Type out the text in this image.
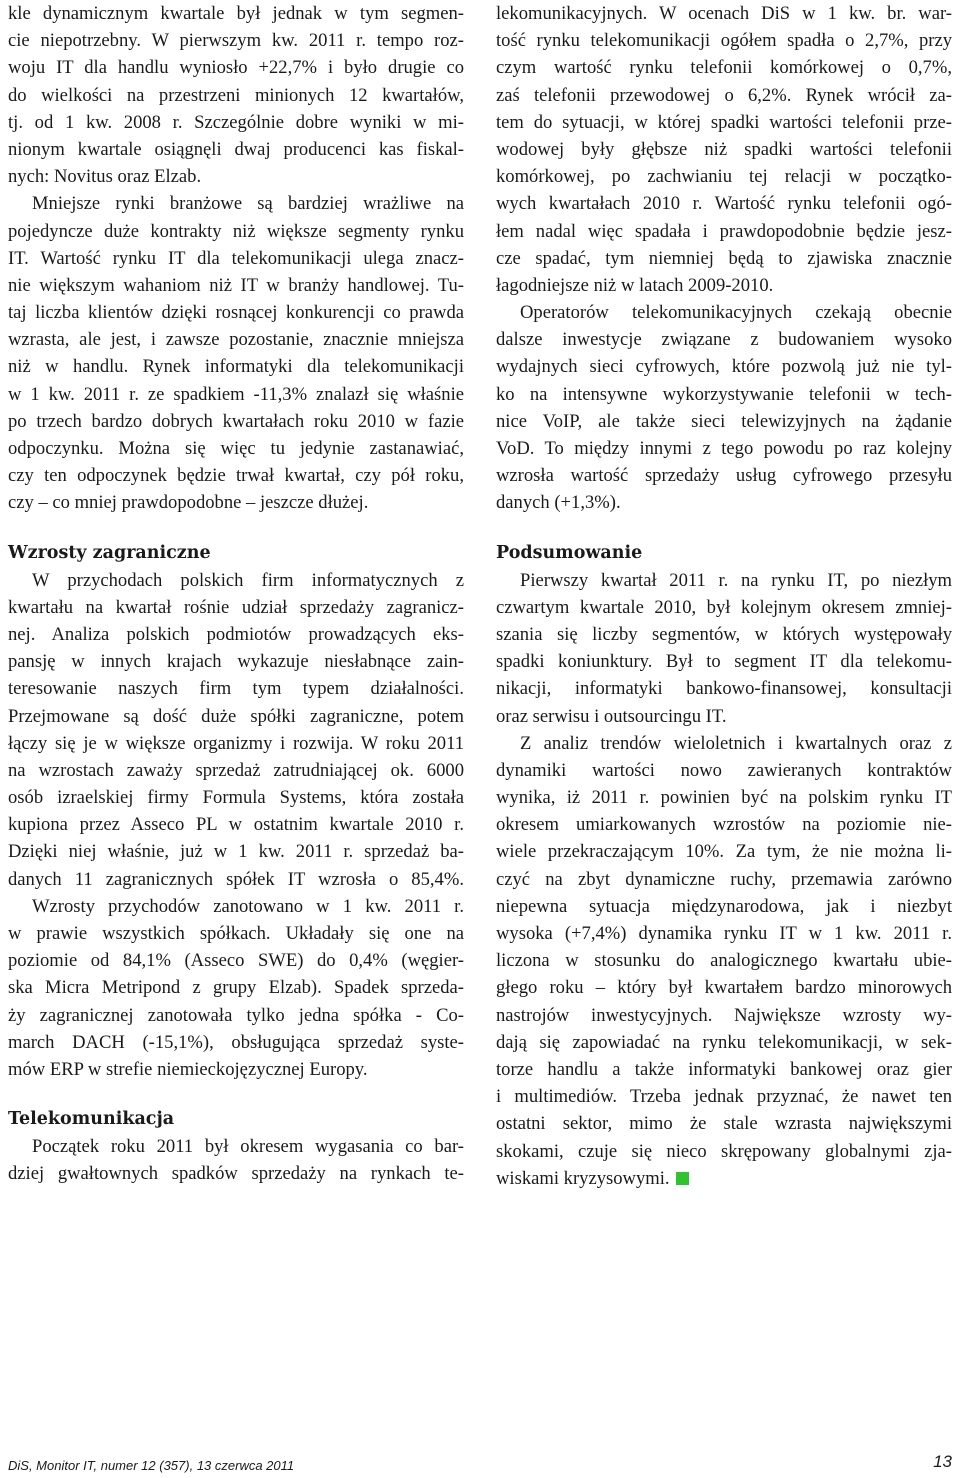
kle dynamicznym kwartale był jednak w tym segmen-
cie niepotrzebny. W pierwszym kw. 2011 r. tempo roz-
woju IT dla handlu wyniosło +22,7% i było drugie co
do wielkości na przestrzeni minionych 12 kwartałów,
tj. od 1 kw. 2008 r. Szczególnie dobre wyniki w mi-
nionym kwartale osiągnęli dwaj producenci kas fiskal-
nych: Novitus oraz Elzab.
Mniejsze rynki branżowe są bardziej wrażliwe na
pojedyncze duże kontrakty niż większe segmenty rynku
IT. Wartość rynku IT dla telekomunikacji ulega znacz-
nie większym wahaniom niż IT w branży handlowej. Tu-
taj liczba klientów dzięki rosnącej konkurencji co prawda
wzrasta, ale jest, i zawsze pozostanie, znacznie mniejsza
niż w handlu. Rynek informatyki dla telekomunikacji
w 1 kw. 2011 r. ze spadkiem -11,3% znalazł się właśnie
po trzech bardzo dobrych kwartałach roku 2010 w fazie
odpoczynku. Można się więc tu jedynie zastanawiać,
czy ten odpoczynek będzie trwał kwartał, czy pół roku,
czy – co mniej prawdopodobne – jeszcze dłużej.
Wzrosty zagraniczne
W przychodach polskich firm informatycznych z
kwartału na kwartał rośnie udział sprzedaży zagranicz-
nej. Analiza polskich podmiotów prowadzących eks-
pansję w innych krajach wykazuje niesłabnące zain-
teresowanie naszych firm tym typem działalności.
Przejmowane są dość duże spółki zagraniczne, potem
łączy się je w większe organizmy i rozwija. W roku 2011
na wzrostach zaważy sprzedaż zatrudniającej ok. 6000
osób izraelskiej firmy Formula Systems, która została
kupiona przez Asseco PL w ostatnim kwartale 2010 r.
Dzięki niej właśnie, już w 1 kw. 2011 r. sprzedaż ba-
danych 11 zagranicznych spółek IT wzrosła o 85,4%.
Wzrosty przychodów zanotowano w 1 kw. 2011 r.
w prawie wszystkich spółkach. Układały się one na
poziomie od 84,1% (Asseco SWE) do 0,4% (węgier-
ska Micra Metripond z grupy Elzab). Spadek sprzeda-
ży zagranicznej zanotowała tylko jedna spółka - Co-
march DACH (-15,1%), obsługująca sprzedaż syste-
mów ERP w strefie niemieckojęzycznej Europy.
Telekomunikacja
Początek roku 2011 był okresem wygasania co bar-
dziej gwałtownych spadków sprzedaży na rynkach te-
lekomunikacyjnych. W ocenach DiS w 1 kw. br. war-
tość rynku telekomunikacji ogółem spadła o 2,7%, przy
czym wartość rynku telefonii komórkowej o 0,7%,
zaś telefonii przewodowej o 6,2%. Rynek wrócił za-
tem do sytuacji, w której spadki wartości telefonii prze-
wodowej były głębsze niż spadki wartości telefonii
komórkowej, po zachwianiu tej relacji w początko-
wych kwartałach 2010 r. Wartość rynku telefonii ogó-
łem nadal więc spadała i prawdopodobnie będzie jesz-
cze spadać, tym niemniej będą to zjawiska znacznie
łagodniejsze niż w latach 2009-2010.
Operatorów telekomunikacyjnych czekają obecnie
dalsze inwestycje związane z budowaniem wysoko
wydajnych sieci cyfrowych, które pozwolą już nie tyl-
ko na intensywne wykorzystywanie telefonii w tech-
nice VoIP, ale także sieci telewizyjnych na żądanie
VoD. To między innymi z tego powodu po raz kolejny
wzrosła wartość sprzedaży usług cyfrowego przesyłu
danych (+1,3%).
Podsumowanie
Pierwszy kwartał 2011 r. na rynku IT, po niezłym
czwartym kwartale 2010, był kolejnym okresem zmniej-
szania się liczby segmentów, w których występowały
spadki koniunktury. Był to segment IT dla telekomu-
nikacji, informatyki bankowo-finansowej, konsultacji
oraz serwisu i outsourcingu IT.
Z analiz trendów wieloletnich i kwartalnych oraz z
dynamiki wartości nowo zawieranych kontraktów
wynika, iż 2011 r. powinien być na polskim rynku IT
okresem umiarkowanych wzrostów na poziomie nie-
wiele przekraczającym 10%. Za tym, że nie można li-
czyć na zbyt dynamiczne ruchy, przemawia zarówno
niepewna sytuacja międzynarodowa, jak i niezbyt
wysoka (+7,4%) dynamika rynku IT w 1 kw. 2011 r.
liczona w stosunku do analogicznego kwartału ubie-
głego roku – który był kwartałem bardzo minorowych
nastrojów inwestycyjnych. Największe wzrosty wy-
dają się zapowiadać na rynku telekomunikacji, w sek-
torze handlu a także informatyki bankowej oraz gier
i multimediów. Trzeba jednak przyznać, że nawet ten
ostatni sektor, mimo że stale wzrasta największymi
skokami, czuje się nieco skrępowany globalnymi zja-
wiskami kryzysowymi.
DiS, Monitor IT, numer 12 (357), 13 czerwca 2011	13
